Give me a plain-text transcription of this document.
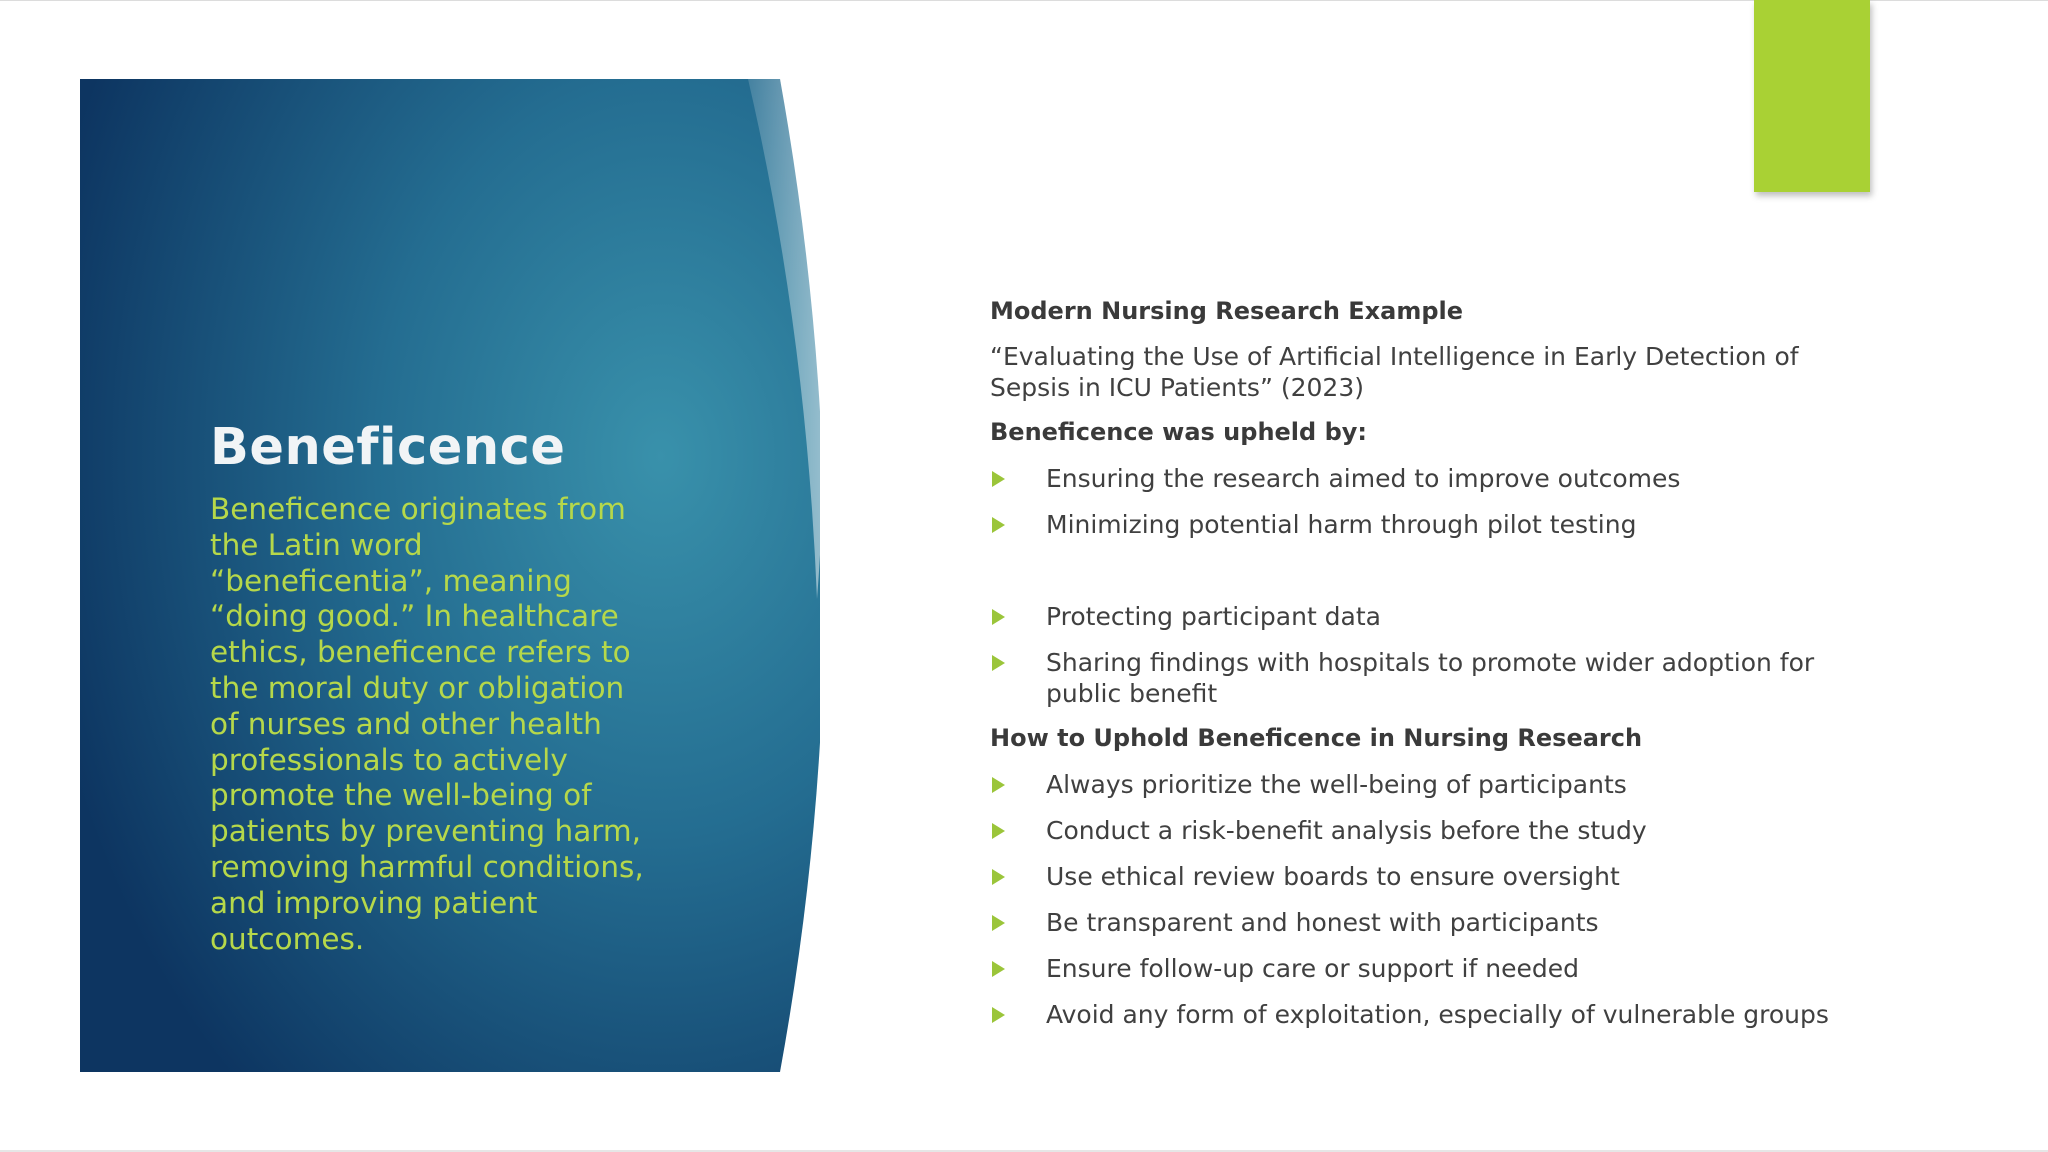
Beneficence

Beneficence originates from the Latin word “beneficentia”, meaning “doing good.” In healthcare ethics, beneficence refers to the moral duty or obligation of nurses and other health professionals to actively promote the well-being of patients by preventing harm, removing harmful conditions, and improving patient outcomes.

Modern Nursing Research Example
“Evaluating the Use of Artificial Intelligence in Early Detection of Sepsis in ICU Patients” (2023)
Beneficence was upheld by:
Ensuring the research aimed to improve outcomes
Minimizing potential harm through pilot testing
Protecting participant data
Sharing findings with hospitals to promote wider adoption for public benefit
How to Uphold Beneficence in Nursing Research
Always prioritize the well-being of participants
Conduct a risk-benefit analysis before the study
Use ethical review boards to ensure oversight
Be transparent and honest with participants
Ensure follow-up care or support if needed
Avoid any form of exploitation, especially of vulnerable groups
